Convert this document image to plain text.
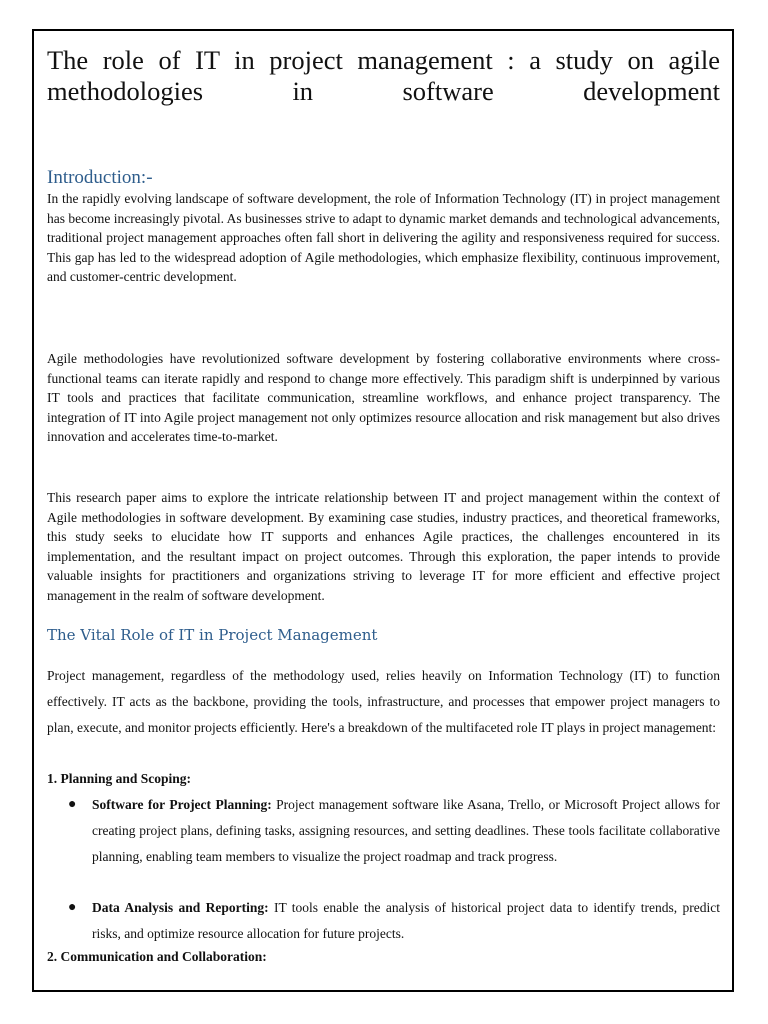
The role of IT in project management : a study on agile methodologies in software development
Introduction:-

In the rapidly evolving landscape of software development, the role of Information Technology (IT) in project management has become increasingly pivotal. As businesses strive to adapt to dynamic market demands and technological advancements, traditional project management approaches often fall short in delivering the agility and responsiveness required for success. This gap has led to the widespread adoption of Agile methodologies, which emphasize flexibility, continuous improvement, and customer-centric development.

Agile methodologies have revolutionized software development by fostering collaborative environments where cross-functional teams can iterate rapidly and respond to change more effectively. This paradigm shift is underpinned by various IT tools and practices that facilitate communication, streamline workflows, and enhance project transparency. The integration of IT into Agile project management not only optimizes resource allocation and risk management but also drives innovation and accelerates time-to-market.

This research paper aims to explore the intricate relationship between IT and project management within the context of Agile methodologies in software development. By examining case studies, industry practices, and theoretical frameworks, this study seeks to elucidate how IT supports and enhances Agile practices, the challenges encountered in its implementation, and the resultant impact on project outcomes. Through this exploration, the paper intends to provide valuable insights for practitioners and organizations striving to leverage IT for more efficient and effective project management in the realm of software development.

The Vital Role of IT in Project Management

Project management, regardless of the methodology used, relies heavily on Information Technology (IT) to function effectively. IT acts as the backbone, providing the tools, infrastructure, and processes that empower project managers to plan, execute, and monitor projects efficiently. Here's a breakdown of the multifaceted role IT plays in project management:

1. Planning and Scoping:

● Software for Project Planning: Project management software like Asana, Trello, or Microsoft Project allows for creating project plans, defining tasks, assigning resources, and setting deadlines. These tools facilitate collaborative planning, enabling team members to visualize the project roadmap and track progress.

● Data Analysis and Reporting: IT tools enable the analysis of historical project data to identify trends, predict risks, and optimize resource allocation for future projects.

2. Communication and Collaboration:
